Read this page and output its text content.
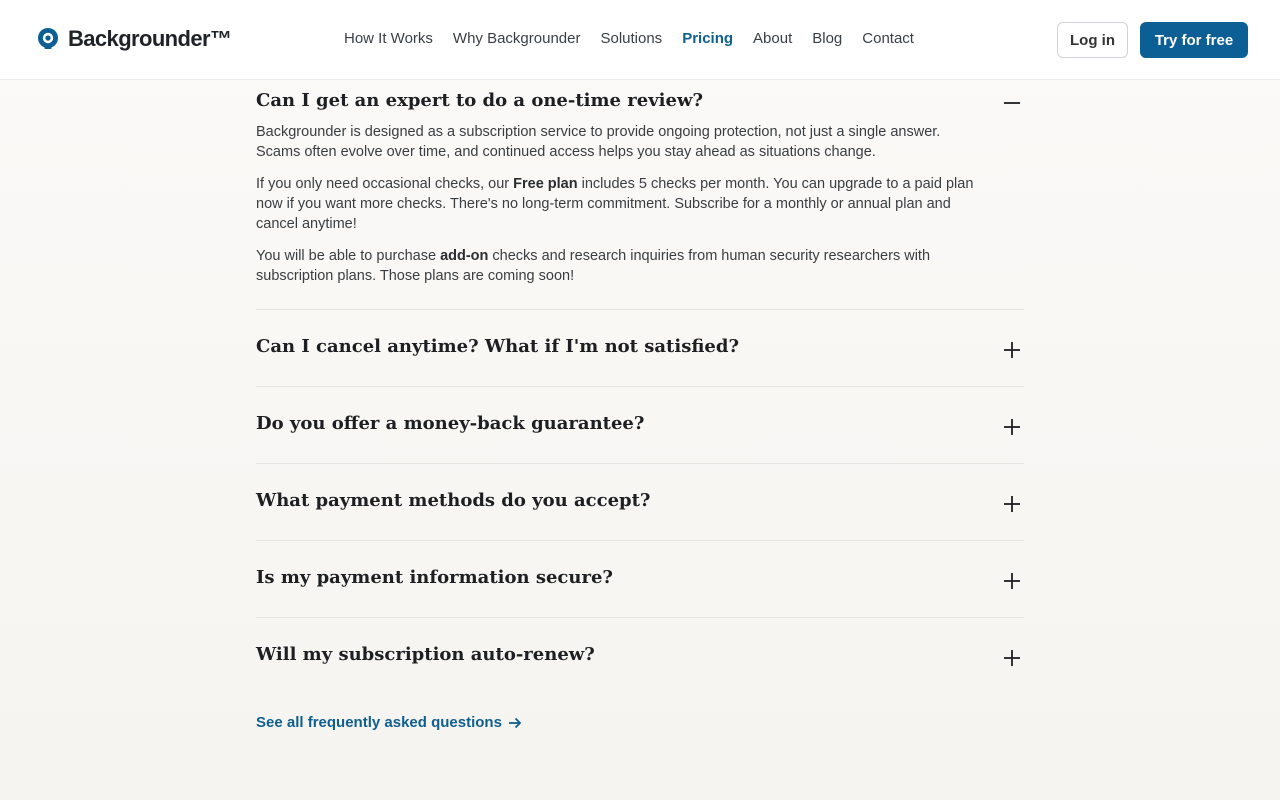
Backgrounder™	How It Works Why Backgrounder Solutions Pricing About Blog Contact	Log in	Try for free
Can I get an expert to do a one-time review?

Backgrounder is designed as a subscription service to provide ongoing protection, not just a single answer. Scams often evolve over time, and continued access helps you stay ahead as situations change.

If you only need occasional checks, our Free plan includes 5 checks per month. You can upgrade to a paid plan now if you want more checks. There's no long-term commitment. Subscribe for a monthly or annual plan and cancel anytime!

You will be able to purchase add-on checks and research inquiries from human security researchers with subscription plans. Those plans are coming soon!

Can I cancel anytime? What if I'm not satisfied?
Do you offer a money-back guarantee?
What payment methods do you accept?
Is my payment information secure?
Will my subscription auto-renew?
See all frequently asked questions
